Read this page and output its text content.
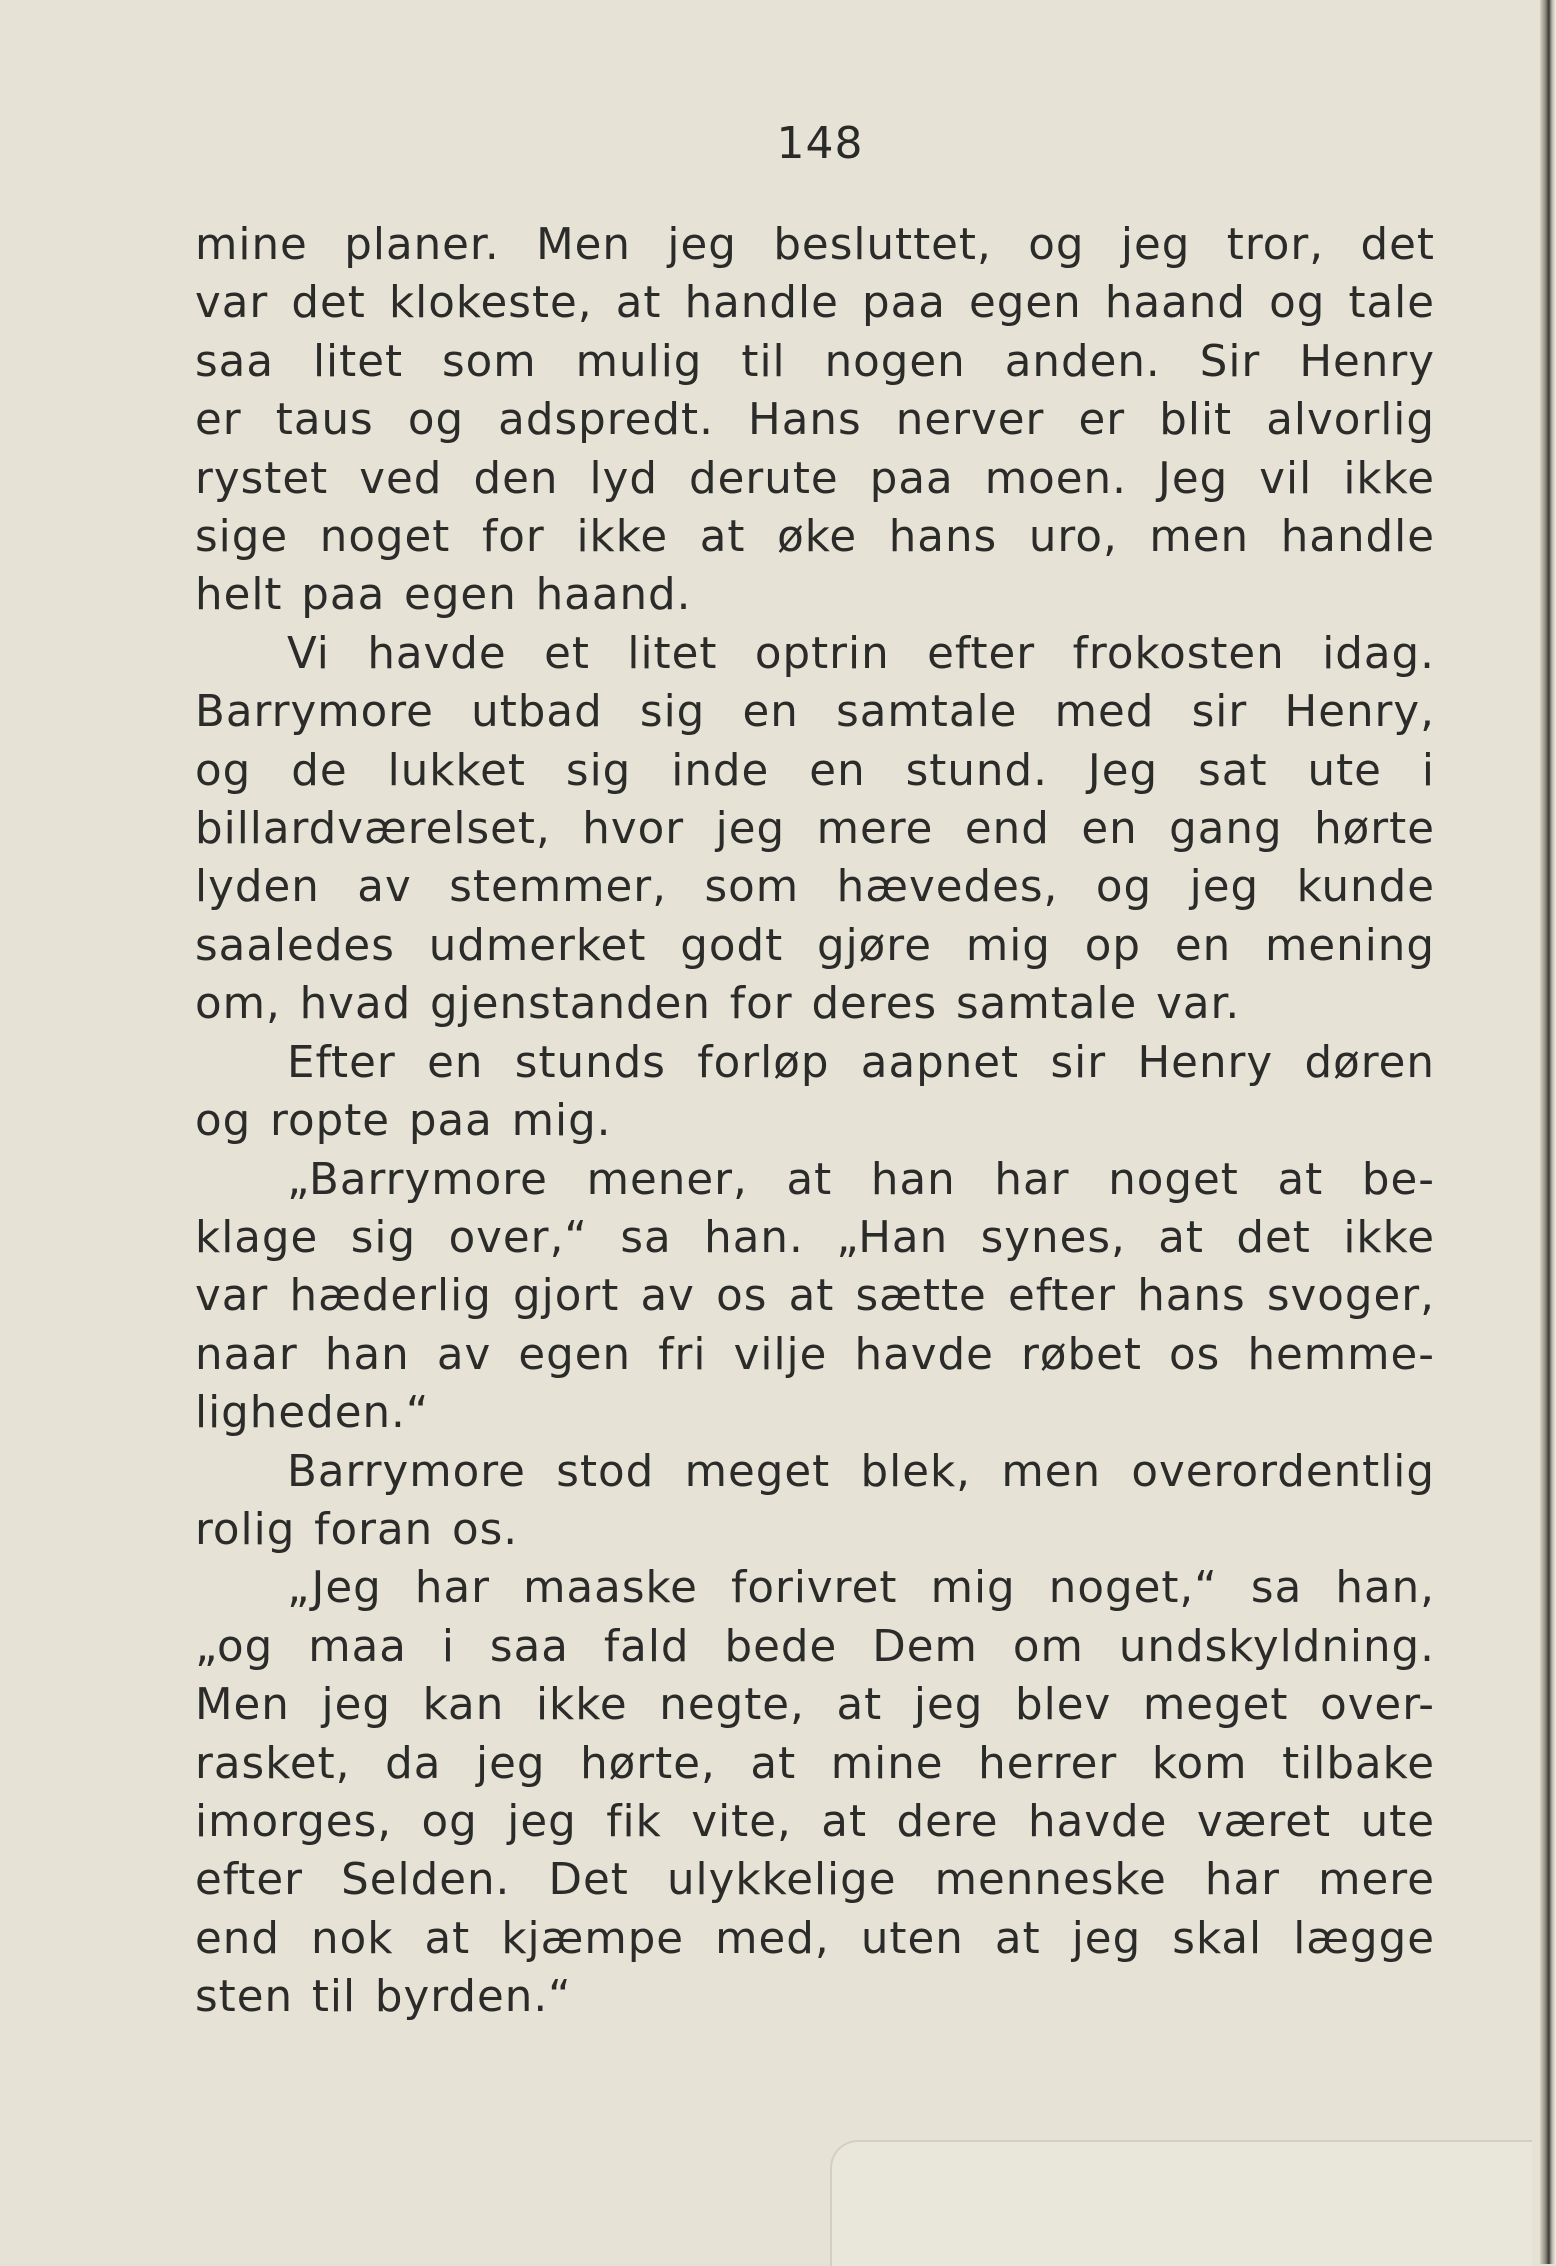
148
mine planer. Men jeg besluttet, og jeg tror, det
var det klokeste, at handle paa egen haand og tale
saa litet som mulig til nogen anden. Sir Henry
er taus og adspredt. Hans nerver er blit alvorlig
rystet ved den lyd derute paa moen. Jeg vil ikke
sige noget for ikke at øke hans uro, men handle
helt paa egen haand.
Vi havde et litet optrin efter frokosten idag.
Barrymore utbad sig en samtale med sir Henry,
og de lukket sig inde en stund. Jeg sat ute i
billardværelset, hvor jeg mere end en gang hørte
lyden av stemmer, som hævedes, og jeg kunde
saaledes udmerket godt gjøre mig op en mening
om, hvad gjenstanden for deres samtale var.
Efter en stunds forløp aapnet sir Henry døren
og ropte paa mig.
„Barrymore mener, at han har noget at be-
klage sig over,“ sa han. „Han synes, at det ikke
var hæderlig gjort av os at sætte efter hans svoger,
naar han av egen fri vilje havde røbet os hemme-
ligheden.“
Barrymore stod meget blek, men overordentlig
rolig foran os.
„Jeg har maaske forivret mig noget,“ sa han,
„og maa i saa fald bede Dem om undskyldning.
Men jeg kan ikke negte, at jeg blev meget over-
rasket, da jeg hørte, at mine herrer kom tilbake
imorges, og jeg fik vite, at dere havde været ute
efter Selden. Det ulykkelige menneske har mere
end nok at kjæmpe med, uten at jeg skal lægge
sten til byrden.“
